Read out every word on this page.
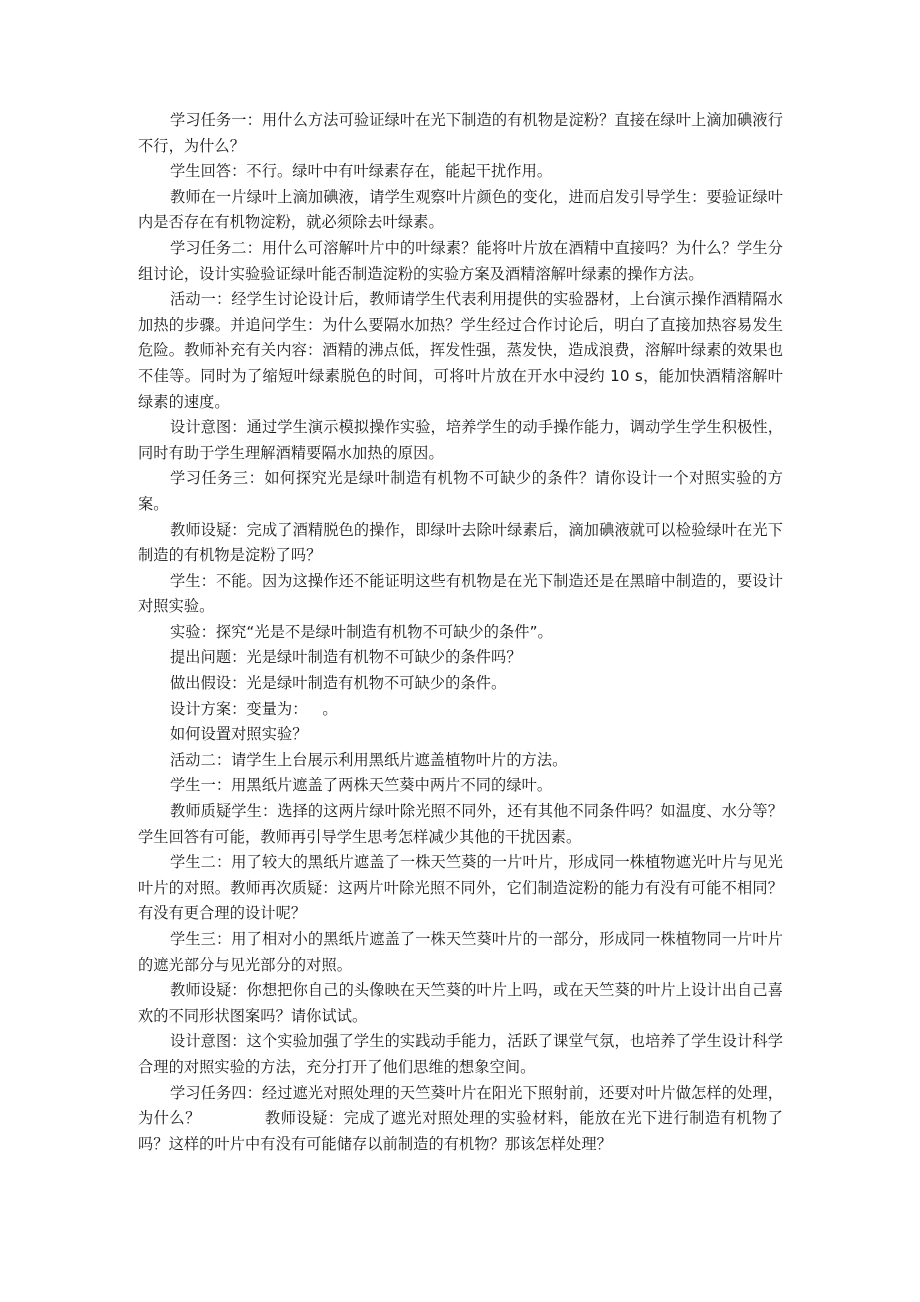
学习任务一：用什么方法可验证绿叶在光下制造的有机物是淀粉？直接在绿叶上滴加碘液行不行，为什么？

学生回答：不行。绿叶中有叶绿素存在，能起干扰作用。

教师在一片绿叶上滴加碘液，请学生观察叶片颜色的变化，进而启发引导学生：要验证绿叶内是否存在有机物淀粉，就必须除去叶绿素。

学习任务二：用什么可溶解叶片中的叶绿素？能将叶片放在酒精中直接吗？为什么？学生分组讨论，设计实验验证绿叶能否制造淀粉的实验方案及酒精溶解叶绿素的操作方法。

活动一：经学生讨论设计后，教师请学生代表利用提供的实验器材，上台演示操作酒精隔水加热的步骤。并追问学生：为什么要隔水加热？学生经过合作讨论后，明白了直接加热容易发生危险。教师补充有关内容：酒精的沸点低，挥发性强，蒸发快，造成浪费，溶解叶绿素的效果也不佳等。同时为了缩短叶绿素脱色的时间，可将叶片放在开水中浸约 10 s，能加快酒精溶解叶绿素的速度。

设计意图：通过学生演示模拟操作实验，培养学生的动手操作能力，调动学生学生积极性，同时有助于学生理解酒精要隔水加热的原因。

学习任务三：如何探究光是绿叶制造有机物不可缺少的条件？请你设计一个对照实验的方案。

教师设疑：完成了酒精脱色的操作，即绿叶去除叶绿素后，滴加碘液就可以检验绿叶在光下制造的有机物是淀粉了吗？

学生：不能。因为这操作还不能证明这些有机物是在光下制造还是在黑暗中制造的，要设计对照实验。

实验：探究“光是不是绿叶制造有机物不可缺少的条件”。

提出问题：光是绿叶制造有机物不可缺少的条件吗？

做出假设：光是绿叶制造有机物不可缺少的条件。

设计方案：变量为：   。

如何设置对照实验？

活动二：请学生上台展示利用黑纸片遮盖植物叶片的方法。

学生一：用黑纸片遮盖了两株天竺葵中两片不同的绿叶。

教师质疑学生：选择的这两片绿叶除光照不同外，还有其他不同条件吗？如温度、水分等？学生回答有可能，教师再引导学生思考怎样减少其他的干扰因素。

学生二：用了较大的黑纸片遮盖了一株天竺葵的一片叶片，形成同一株植物遮光叶片与见光叶片的对照。教师再次质疑：这两片叶除光照不同外，它们制造淀粉的能力有没有可能不相同？有没有更合理的设计呢？

学生三：用了相对小的黑纸片遮盖了一株天竺葵叶片的一部分，形成同一株植物同一片叶片的遮光部分与见光部分的对照。

教师设疑：你想把你自己的头像映在天竺葵的叶片上吗，或在天竺葵的叶片上设计出自己喜欢的不同形状图案吗？请你试试。

设计意图：这个实验加强了学生的实践动手能力，活跃了课堂气氛，也培养了学生设计科学合理的对照实验的方法，充分打开了他们思维的想象空间。

学习任务四：经过遮光对照处理的天竺葵叶片在阳光下照射前，还要对叶片做怎样的处理，为什么？            教师设疑：完成了遮光对照处理的实验材料，能放在光下进行制造有机物了吗？这样的叶片中有没有可能储存以前制造的有机物？那该怎样处理？
